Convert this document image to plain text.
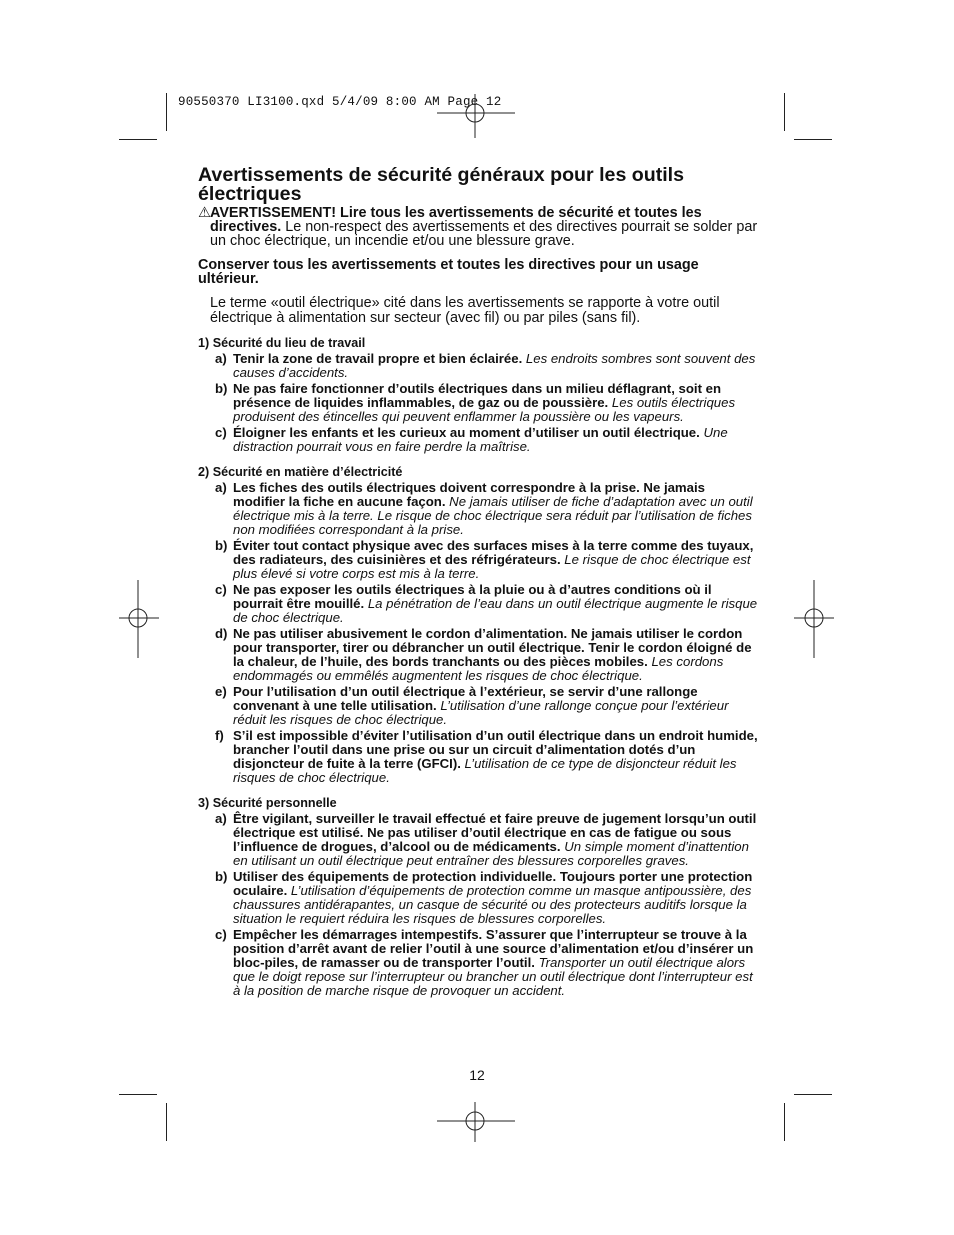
90550370 LI3100.qxd 5/4/09 8:00 AM Page 12
Avertissements de sécurité généraux pour les outils électriques

⚠AVERTISSEMENT! Lire tous les avertissements de sécurité et toutes les directives. Le non-respect des avertissements et des directives pourrait se solder par un choc électrique, un incendie et/ou une blessure grave.

Conserver tous les avertissements et toutes les directives pour un usage ultérieur.

Le terme «outil électrique» cité dans les avertissements se rapporte à votre outil électrique à alimentation sur secteur (avec fil) ou par piles (sans fil).

1) Sécurité du lieu de travail
a) Tenir la zone de travail propre et bien éclairée. Les endroits sombres sont souvent des causes d’accidents.
b) Ne pas faire fonctionner d’outils électriques dans un milieu déflagrant, soit en présence de liquides inflammables, de gaz ou de poussière. Les outils électriques produisent des étincelles qui peuvent enflammer la poussière ou les vapeurs.
c) Éloigner les enfants et les curieux au moment d’utiliser un outil électrique. Une distraction pourrait vous en faire perdre la maîtrise.
2) Sécurité en matière d’électricité
a) Les fiches des outils électriques doivent correspondre à la prise. Ne jamais modifier la fiche en aucune façon. Ne jamais utiliser de fiche d’adaptation avec un outil électrique mis à la terre. Le risque de choc électrique sera réduit par l’utilisation de fiches non modifiées correspondant à la prise.
b) Éviter tout contact physique avec des surfaces mises à la terre comme des tuyaux, des radiateurs, des cuisinières et des réfrigérateurs. Le risque de choc électrique est plus élevé si votre corps est mis à la terre.
c) Ne pas exposer les outils électriques à la pluie ou à d’autres conditions où il pourrait être mouillé. La pénétration de l’eau dans un outil électrique augmente le risque de choc électrique.
d) Ne pas utiliser abusivement le cordon d’alimentation. Ne jamais utiliser le cordon pour transporter, tirer ou débrancher un outil électrique. Tenir le cordon éloigné de la chaleur, de l’huile, des bords tranchants ou des pièces mobiles. Les cordons endommagés ou emmêlés augmentent les risques de choc électrique.
e) Pour l’utilisation d’un outil électrique à l’extérieur, se servir d’une rallonge convenant à une telle utilisation. L’utilisation d’une rallonge conçue pour l’extérieur réduit les risques de choc électrique.
f) S’il est impossible d’éviter l’utilisation d’un outil électrique dans un endroit humide, brancher l’outil dans une prise ou sur un circuit d’alimentation dotés d’un disjoncteur de fuite à la terre (GFCI). L’utilisation de ce type de disjoncteur réduit les risques de choc électrique.
3) Sécurité personnelle
a) Être vigilant, surveiller le travail effectué et faire preuve de jugement lorsqu’un outil électrique est utilisé. Ne pas utiliser d’outil électrique en cas de fatigue ou sous l’influence de drogues, d’alcool ou de médicaments. Un simple moment d’inattention en utilisant un outil électrique peut entraîner des blessures corporelles graves.
b) Utiliser des équipements de protection individuelle. Toujours porter une protection oculaire. L’utilisation d’équipements de protection comme un masque antipoussière, des chaussures antidérapantes, un casque de sécurité ou des protecteurs auditifs lorsque la situation le requiert réduira les risques de blessures corporelles.
c) Empêcher les démarrages intempestifs. S’assurer que l’interrupteur se trouve à la position d’arrêt avant de relier l’outil à une source d’alimentation et/ou d’insérer un bloc-piles, de ramasser ou de transporter l’outil. Transporter un outil électrique alors que le doigt repose sur l’interrupteur ou brancher un outil électrique dont l’interrupteur est à la position de marche risque de provoquer un accident.
12
